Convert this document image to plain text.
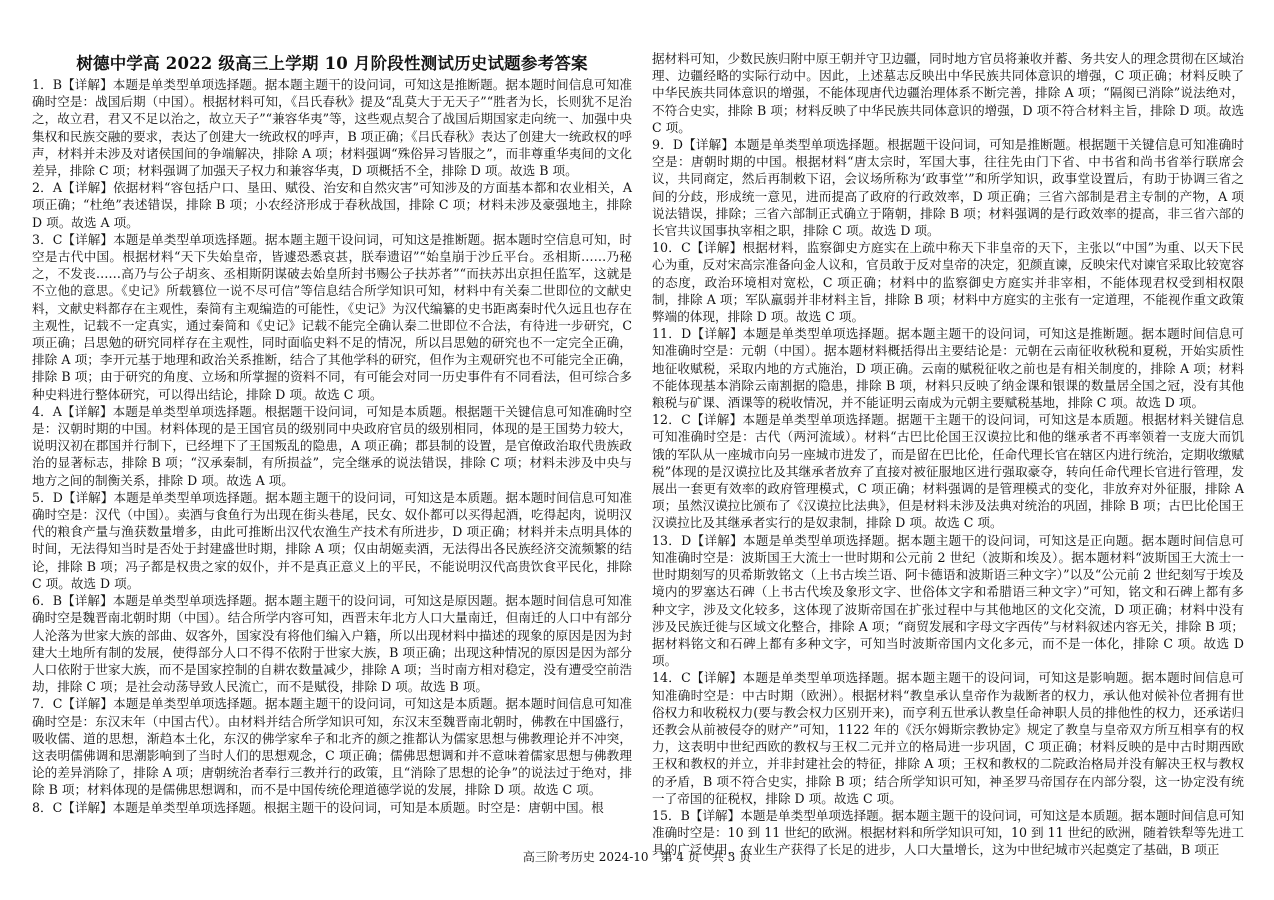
树德中学高 2022 级高三上学期 10 月阶段性测试历史试题参考答案

1．B【详解】本题是单类型单项选择题。据本题主题干的设问词，可知这是推断题。据本题时间信息可知准确时空是：战国后期（中国）。根据材料可知，《吕氏春秋》提及“乱莫大于无天子”“胜者为长，长则犹不足治之，故立君，君又不足以治之，故立天子”“兼容华夷”等，这些观点契合了战国后期国家走向统一、加强中央集权和民族交融的要求，表达了创建大一统政权的呼声，B 项正确；《吕氏春秋》表达了创建大一统政权的呼声，材料并未涉及对诸侯国间的争端解决，排除 A 项；材料强调“殊俗异习皆服之”，而非尊重华夷间的文化差异，排除 C 项；材料强调了加强天子权力和兼容华夷，D 项概括不全，排除 D 项。故选 B 项。

2．A【详解】依据材料“容包括户口、垦田、赋役、治安和自然灾害”可知涉及的方面基本都和农业相关，A 项正确；“杜绝”表述错误，排除 B 项；小农经济形成于春秋战国，排除 C 项；材料未涉及豪强地主，排除 D 项。故选 A 项。

3．C【详解】本题是单类型单项选择题。据本题主题干设问词，可知这是推断题。据本题时空信息可知，时空是古代中国。根据材料“天下失始皇帝，皆遽恐悉哀甚，朕奉遗诏”“始皇崩于沙丘平台。丞相斯……乃秘之，不发丧……高乃与公子胡亥、丞相斯阴谋破去始皇所封书赐公子扶苏者”“而扶苏出京担任监军，这就是不立他的意思。《史记》所载篡位一说不尽可信”等信息结合所学知识可知，材料中有关秦二世即位的文献史料，文献史料都存在主观性，秦简有主观编造的可能性，《史记》为汉代编纂的史书距离秦时代久远且也存在主观性，记载不一定真实，通过秦简和《史记》记载不能完全确认秦二世即位不合法，有待进一步研究，C 项正确；吕思勉的研究同样存在主观性，同时面临史料不足的情况，所以吕思勉的研究也不一定完全正确，排除 A 项；李开元基于地理和政治关系推断，结合了其他学科的研究，但作为主观研究也不可能完全正确，排除 B 项；由于研究的角度、立场和所掌握的资料不同，有可能会对同一历史事件有不同看法，但可综合多种史料进行整体研究，可以得出结论，排除 D 项。故选 C 项。

4．A【详解】本题是单类型单项选择题。根据题干设问词，可知是本质题。根据题干关键信息可知准确时空是：汉朝时期的中国。材料体现的是王国官员的级别同中央政府官员的级别相同，体现的是王国势力较大，说明汉初在郡国并行制下，已经埋下了王国叛乱的隐患，A 项正确；郡县制的设置，是官僚政治取代贵族政治的显著标志，排除 B 项；“汉承秦制，有所损益”，完全继承的说法错误，排除 C 项；材料未涉及中央与地方之间的制衡关系，排除 D 项。故选 A 项。

5．D【详解】本题是单类型单项选择题。据本题主题干的设问词，可知这是本质题。据本题时间信息可知准确时空是：汉代（中国）。卖酒与食鱼行为出现在街头巷尾，民女、奴仆都可以买得起酒，吃得起肉，说明汉代的粮食产量与渔获数量增多，由此可推断出汉代农渔生产技术有所进步，D 项正确；材料并未点明具体的时间，无法得知当时是否处于封建盛世时期，排除 A 项；仅由胡姬卖酒，无法得出各民族经济交流频繁的结论，排除 B 项；冯子都是权贵之家的奴仆，并不是真正意义上的平民，不能说明汉代高贵饮食平民化，排除 C 项。故选 D 项。

6．B【详解】本题是单类型单项选择题。据本题主题干的设问词，可知这是原因题。据本题时间信息可知准确时空是魏晋南北朝时期（中国）。结合所学内容可知，西晋末年北方人口大量南迁，但南迁的人口中有部分人沦落为世家大族的部曲、奴客外，国家没有将他们编入户籍，所以出现材料中描述的现象的原因是因为封建大土地所有制的发展，使得部分人口不得不依附于世家大族，B 项正确；出现这种情况的原因是因为部分人口依附于世家大族，而不是国家控制的自耕农数量减少，排除 A 项；当时南方相对稳定，没有遭受空前浩劫，排除 C 项；是社会动荡导致人民流亡，而不是赋役，排除 D 项。故选 B 项。

7．C【详解】本题是单类型单项选择题。据本题主题干的设问词，可知这是本质题。据本题时间信息可知准确时空是：东汉末年（中国古代）。由材料并结合所学知识可知，东汉末至魏晋南北朝时，佛教在中国盛行，吸收儒、道的思想，渐趋本土化，东汉的佛学家牟子和北齐的颜之推都认为儒家思想与佛教理论并不冲突，这表明儒佛调和思潮影响到了当时人们的思想观念，C 项正确；儒佛思想调和并不意味着儒家思想与佛教理论的差异消除了，排除 A 项；唐朝统治者奉行三教并行的政策，且“消除了思想的论争”的说法过于绝对，排除 B 项；材料体现的是儒佛思想调和，而不是中国传统伦理道德学说的发展，排除 D 项。故选 C 项。

8．C【详解】本题是单类型单项选择题。根据主题干的设问词，可知是本质题。时空是：唐朝中国。根

据材料可知，少数民族归附中原王朝并守卫边疆，同时地方官员将兼收并蓄、务共安人的理念贯彻在区域治理、边疆经略的实际行动中。因此，上述墓志反映出中华民族共同体意识的增强，C 项正确；材料反映了中华民族共同体意识的增强，不能体现唐代边疆治理体系不断完善，排除 A 项；“隔阂已消除”说法绝对，不符合史实，排除 B 项；材料反映了中华民族共同体意识的增强，D 项不符合材料主旨，排除 D 项。故选 C 项。

9．D【详解】本题是单类型单项选择题。根据题干设问词，可知是推断题。根据题干关键信息可知准确时空是：唐朝时期的中国。根据材料“唐太宗时，军国大事，往往先由门下省、中书省和尚书省举行联席会议，共同商定，然后再制敕下诏，会议场所称为‘政事堂’”和所学知识，政事堂设置后，有助于协调三省之间的分歧，形成统一意见，进而提高了政府的行政效率，D 项正确；三省六部制是君主专制的产物，A 项说法错误，排除；三省六部制正式确立于隋朝，排除 B 项；材料强调的是行政效率的提高，非三省六部的长官共议国事执宰相之职，排除 C 项。故选 D 项。

10．C【详解】根据材料，监察御史方庭实在上疏中称天下非皇帝的天下，主张以“中国”为重、以天下民心为重，反对宋高宗准备向金人议和，官员敢于反对皇帝的决定，犯颜直谏，反映宋代对谏官采取比较宽容的态度，政治环境相对宽松，C 项正确；材料中的监察御史方庭实并非宰相，不能体现君权受到相权限制，排除 A 项；军队羸弱并非材料主旨，排除 B 项；材料中方庭实的主张有一定道理，不能视作重文政策弊端的体现，排除 D 项。故选 C 项。

11．D【详解】本题是单类型单项选择题。据本题主题干的设问词，可知这是推断题。据本题时间信息可知准确时空是：元朝（中国）。据本题材料概括得出主要结论是：元朝在云南征收秋税和夏税，开始实质性地征收赋税，采取内地的方式施治，D 项正确。云南的赋税征收之前也是有相关制度的，排除 A 项；材料不能体现基本消除云南割据的隐患，排除 B 项，材料只反映了纳金课和银课的数量居全国之冠，没有其他粮税与矿课、酒课等的税收情况，并不能证明云南成为元朝主要赋税基地，排除 C 项。故选 D 项。

12．C【详解】本题是单类型单项选择题。据题干主题干的设问词，可知这是本质题。根据材料关键信息可知准确时空是：古代（两河流域）。材料“古巴比伦国王汉谟拉比和他的继承者不再率领着一支庞大而饥饿的军队从一座城市向另一座城市进发了，而是留在巴比伦，任命代理长官在辖区内进行统治，定期收缴赋税”体现的是汉谟拉比及其继承者放弃了直接对被征服地区进行强取豪夺，转向任命代理长官进行管理，发展出一套更有效率的政府管理模式，C 项正确；材料强调的是管理模式的变化，非放弃对外征服，排除 A 项；虽然汉谟拉比颁布了《汉谟拉比法典》，但是材料未涉及法典对统治的巩固，排除 B 项；古巴比伦国王汉谟拉比及其继承者实行的是奴隶制，排除 D 项。故选 C 项。

13．D【详解】本题是单类型单项选择题。据本题主题干的设问词，可知这是正向题。据本题时间信息可知准确时空是：波斯国王大流士一世时期和公元前 2 世纪（波斯和埃及）。据本题材料“波斯国王大流士一世时期刻写的贝希斯敦铭文（上书古埃兰语、阿卡德语和波斯语三种文字）”以及“公元前 2 世纪刻写于埃及境内的罗塞达石碑（上书古代埃及象形文字、世俗体文字和希腊语三种文字）”可知，铭文和石碑上都有多种文字，涉及文化较多，这体现了波斯帝国在扩张过程中与其他地区的文化交流，D 项正确；材料中没有涉及民族迁徙与区域文化整合，排除 A 项；“商贸发展和字母文字西传”与材料叙述内容无关，排除 B 项；据材料铭文和石碑上都有多种文字，可知当时波斯帝国内文化多元，而不是一体化，排除 C 项。故选 D 项。

14．C【详解】本题是单类型单项选择题。据本题主题干的设问词，可知这是影响题。据本题时间信息可知准确时空是：中古时期（欧洲）。根据材料“教皇承认皇帝作为裁断者的权力，承认他对候补位者拥有世俗权力和收税权力(要与教会权力区别开来)，而亨利五世承认教皇任命神职人员的排他性的权力，还承诺归还教会从前被侵夺的财产”可知，1122 年的《沃尔姆斯宗教协定》规定了教皇与皇帝双方所互相享有的权力，这表明中世纪西欧的教权与王权二元并立的格局进一步巩固，C 项正确；材料反映的是中古时期西欧王权和教权的并立，并非封建社会的特征，排除 A 项；王权和教权的二院政治格局并没有解决王权与教权的矛盾，B 项不符合史实，排除 B 项；结合所学知识可知，神圣罗马帝国存在内部分裂，这一协定没有统一了帝国的征税权，排除 D 项。故选 C 项。

15．B【详解】本题是单类型单项选择题。据本题主题干的设问词，可知这是本质题。据本题时间信息可知准确时空是：10 到 11 世纪的欧洲。根据材料和所学知识可知，10 到 11 世纪的欧洲，随着铁犁等先进工具的广泛使用，农业生产获得了长足的进步，人口大量增长，这为中世纪城市兴起奠定了基础，B 项正

高三阶考历史 2024-10　第 4 页　共 3 页
